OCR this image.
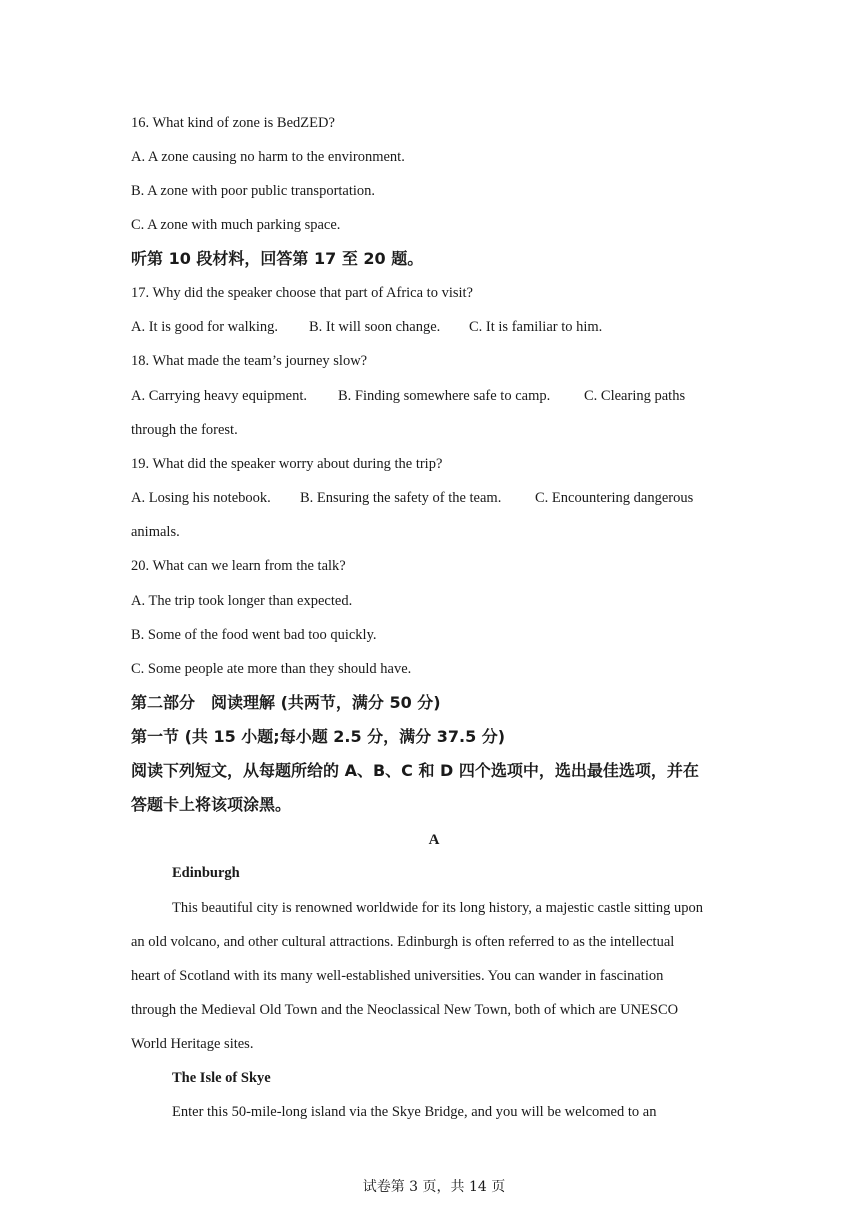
16. What kind of zone is BedZED?
A. A zone causing no harm to the environment.
B. A zone with poor public transportation.
C. A zone with much parking space.
听第 10 段材料，回答第 17 至 20 题。
17. Why did the speaker choose that part of Africa to visit?
A. It is good for walking. B. It will soon change. C. It is familiar to him.
18. What made the team’s journey slow?
A. Carrying heavy equipment. B. Finding somewhere safe to camp. C. Clearing paths
through the forest.
19. What did the speaker worry about during the trip?
A. Losing his notebook. B. Ensuring the safety of the team. C. Encountering dangerous
animals.
20. What can we learn from the talk?
A. The trip took longer than expected.
B. Some of the food went bad too quickly.
C. Some people ate more than they should have.
第二部分　阅读理解 (共两节，满分 50 分)
第一节 (共 15 小题;每小题 2.5 分，满分 37.5 分)
阅读下列短文，从每题所给的 A、B、C 和 D 四个选项中，选出最佳选项，并在
答题卡上将该项涂黑。
A
Edinburgh
This beautiful city is renowned worldwide for its long history, a majestic castle sitting upon
an old volcano, and other cultural attractions. Edinburgh is often referred to as the intellectual
heart of Scotland with its many well-established universities. You can wander in fascination
through the Medieval Old Town and the Neoclassical New Town, both of which are UNESCO
World Heritage sites.
The Isle of Skye
Enter this 50-mile-long island via the Skye Bridge, and you will be welcomed to an
试卷第 3 页，共 14 页
